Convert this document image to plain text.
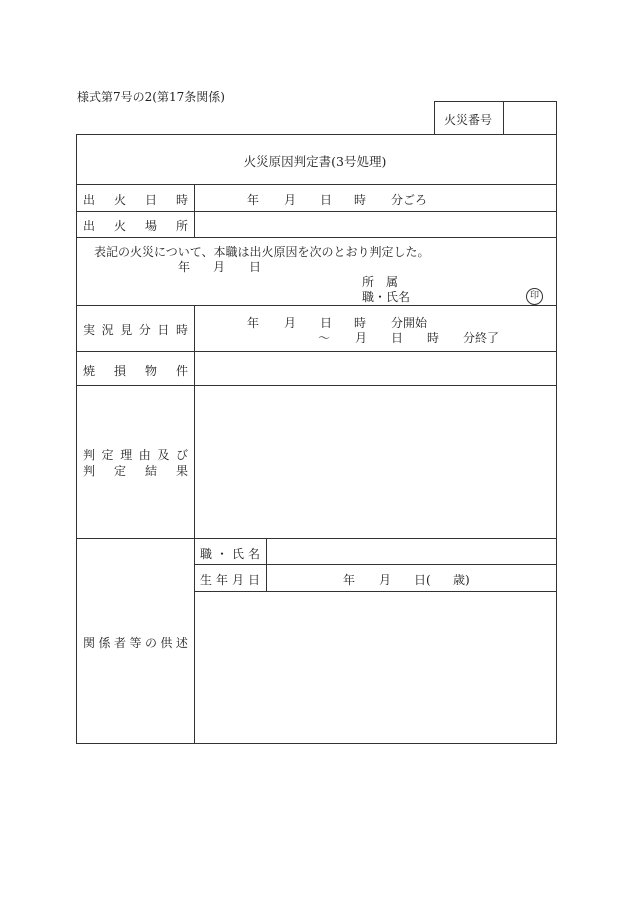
様式第7号の2(第17条関係)
火災番号
火災原因判定書(3号処理)
出 火 日 時	年 月 日 時 分ごろ
出 火 場 所
表記の火災について、本職は出火原因を次のとおり判定した。
年 月 日
所　属
職・氏名	印
実 況 見 分 日 時	年 月 日 時 分開始
〜 月 日 時 分終了
焼 損 物 件
判 定 理 由 及 び
判 定 結 果
関 係 者 等 の 供 述
職 ・ 氏 名
生 年 月 日	年 月 日( 歳)
